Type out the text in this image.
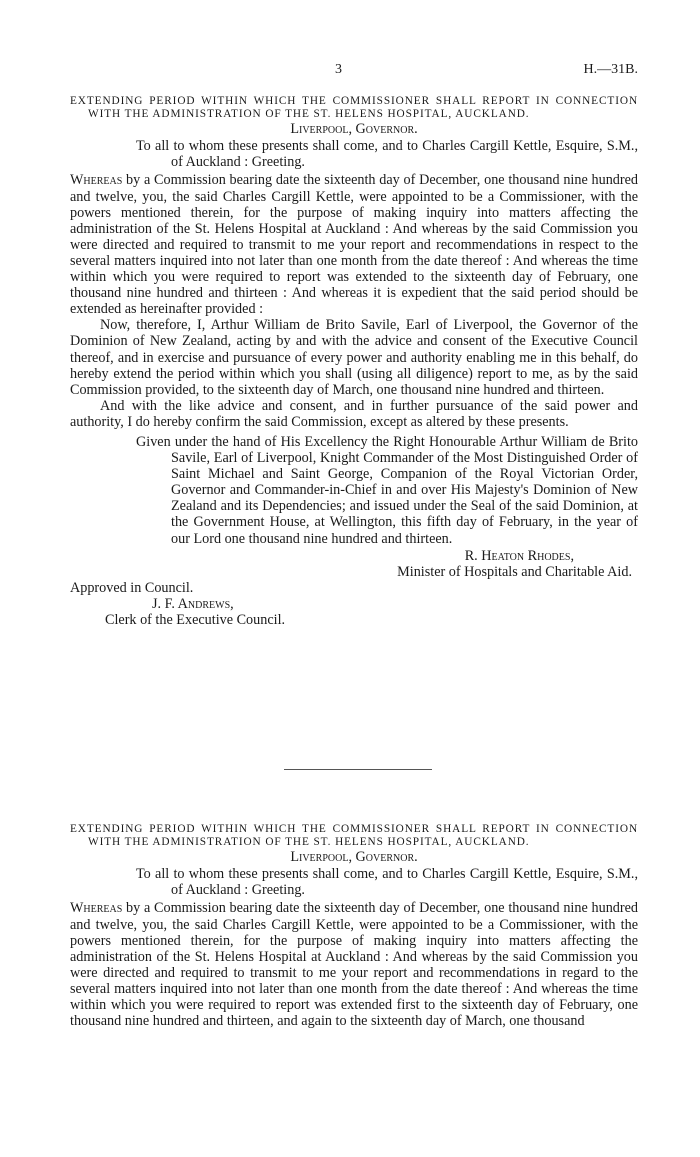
3	H.—31B.

EXTENDING PERIOD WITHIN WHICH THE COMMISSIONER SHALL REPORT IN CONNECTION WITH THE ADMINISTRATION OF THE ST. HELENS HOSPITAL, AUCKLAND.

Liverpool, Governor.

To all to whom these presents shall come, and to Charles Cargill Kettle, Esquire, S.M., of Auckland : Greeting.

Whereas by a Commission bearing date the sixteenth day of December, one thousand nine hundred and twelve, you, the said Charles Cargill Kettle, were appointed to be a Commissioner, with the powers mentioned therein, for the purpose of making inquiry into matters affecting the administration of the St. Helens Hospital at Auckland : And whereas by the said Commission you were directed and required to transmit to me your report and recommendations in respect to the several matters inquired into not later than one month from the date thereof : And whereas the time within which you were required to report was extended to the sixteenth day of February, one thousand nine hundred and thirteen : And whereas it is expedient that the said period should be extended as hereinafter provided :

Now, therefore, I, Arthur William de Brito Savile, Earl of Liverpool, the Governor of the Dominion of New Zealand, acting by and with the advice and consent of the Executive Council thereof, and in exercise and pursuance of every power and authority enabling me in this behalf, do hereby extend the period within which you shall (using all diligence) report to me, as by the said Commission provided, to the sixteenth day of March, one thousand nine hundred and thirteen.

And with the like advice and consent, and in further pursuance of the said power and authority, I do hereby confirm the said Commission, except as altered by these presents.

Given under the hand of His Excellency the Right Honourable Arthur William de Brito Savile, Earl of Liverpool, Knight Commander of the Most Distinguished Order of Saint Michael and Saint George, Companion of the Royal Victorian Order, Governor and Commander-in-Chief in and over His Majesty's Dominion of New Zealand and its Dependencies; and issued under the Seal of the said Dominion, at the Government House, at Wellington, this fifth day of February, in the year of our Lord one thousand nine hundred and thirteen.

R. Heaton Rhodes,

Minister of Hospitals and Charitable Aid.

Approved in Council.

J. F. Andrews,

Clerk of the Executive Council.

EXTENDING PERIOD WITHIN WHICH THE COMMISSIONER SHALL REPORT IN CONNECTION WITH THE ADMINISTRATION OF THE ST. HELENS HOSPITAL, AUCKLAND.

Liverpool, Governor.

To all to whom these presents shall come, and to Charles Cargill Kettle, Esquire, S.M., of Auckland : Greeting.

Whereas by a Commission bearing date the sixteenth day of December, one thousand nine hundred and twelve, you, the said Charles Cargill Kettle, were appointed to be a Commissioner, with the powers mentioned therein, for the purpose of making inquiry into matters affecting the administration of the St. Helens Hospital at Auckland : And whereas by the said Commission you were directed and required to transmit to me your report and recommendations in regard to the several matters inquired into not later than one month from the date thereof : And whereas the time within which you were required to report was extended first to the sixteenth day of February, one thousand nine hundred and thirteen, and again to the sixteenth day of March, one thousand
